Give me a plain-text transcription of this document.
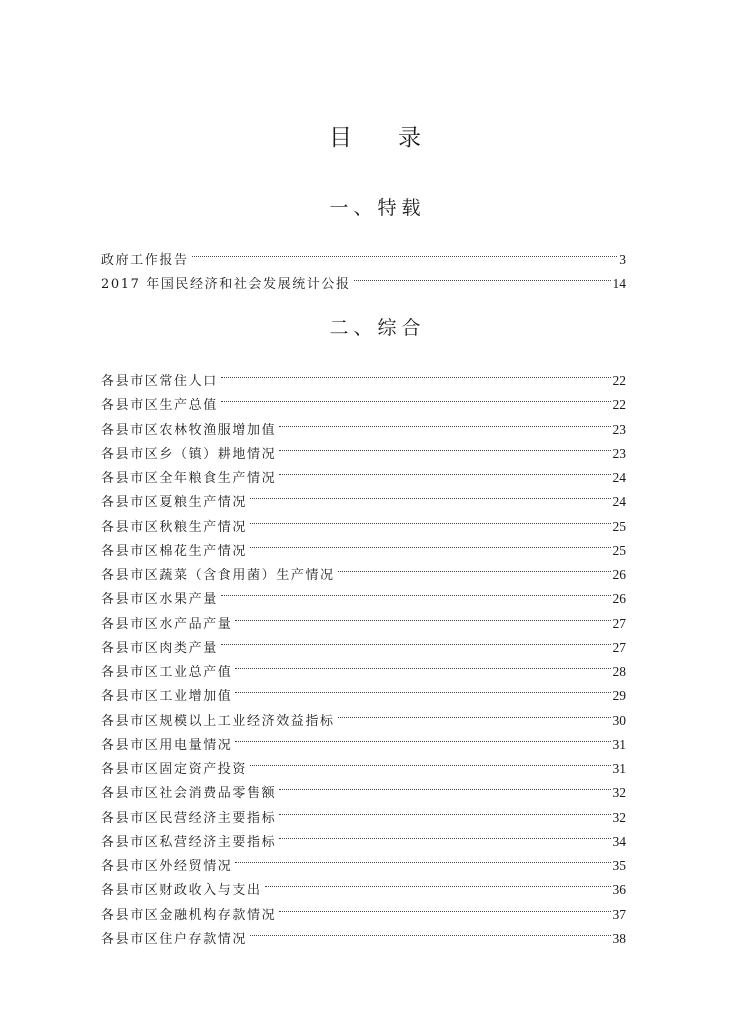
目录
一、特载
政府工作报告	3
2017 年国民经济和社会发展统计公报	14
二、综合
各县市区常住人口	22
各县市区生产总值	22
各县市区农林牧渔服增加值	23
各县市区乡（镇）耕地情况	23
各县市区全年粮食生产情况	24
各县市区夏粮生产情况	24
各县市区秋粮生产情况	25
各县市区棉花生产情况	25
各县市区蔬菜（含食用菌）生产情况	26
各县市区水果产量	26
各县市区水产品产量	27
各县市区肉类产量	27
各县市区工业总产值	28
各县市区工业增加值	29
各县市区规模以上工业经济效益指标	30
各县市区用电量情况	31
各县市区固定资产投资	31
各县市区社会消费品零售额	32
各县市区民营经济主要指标	32
各县市区私营经济主要指标	34
各县市区外经贸情况	35
各县市区财政收入与支出	36
各县市区金融机构存款情况	37
各县市区住户存款情况	38
